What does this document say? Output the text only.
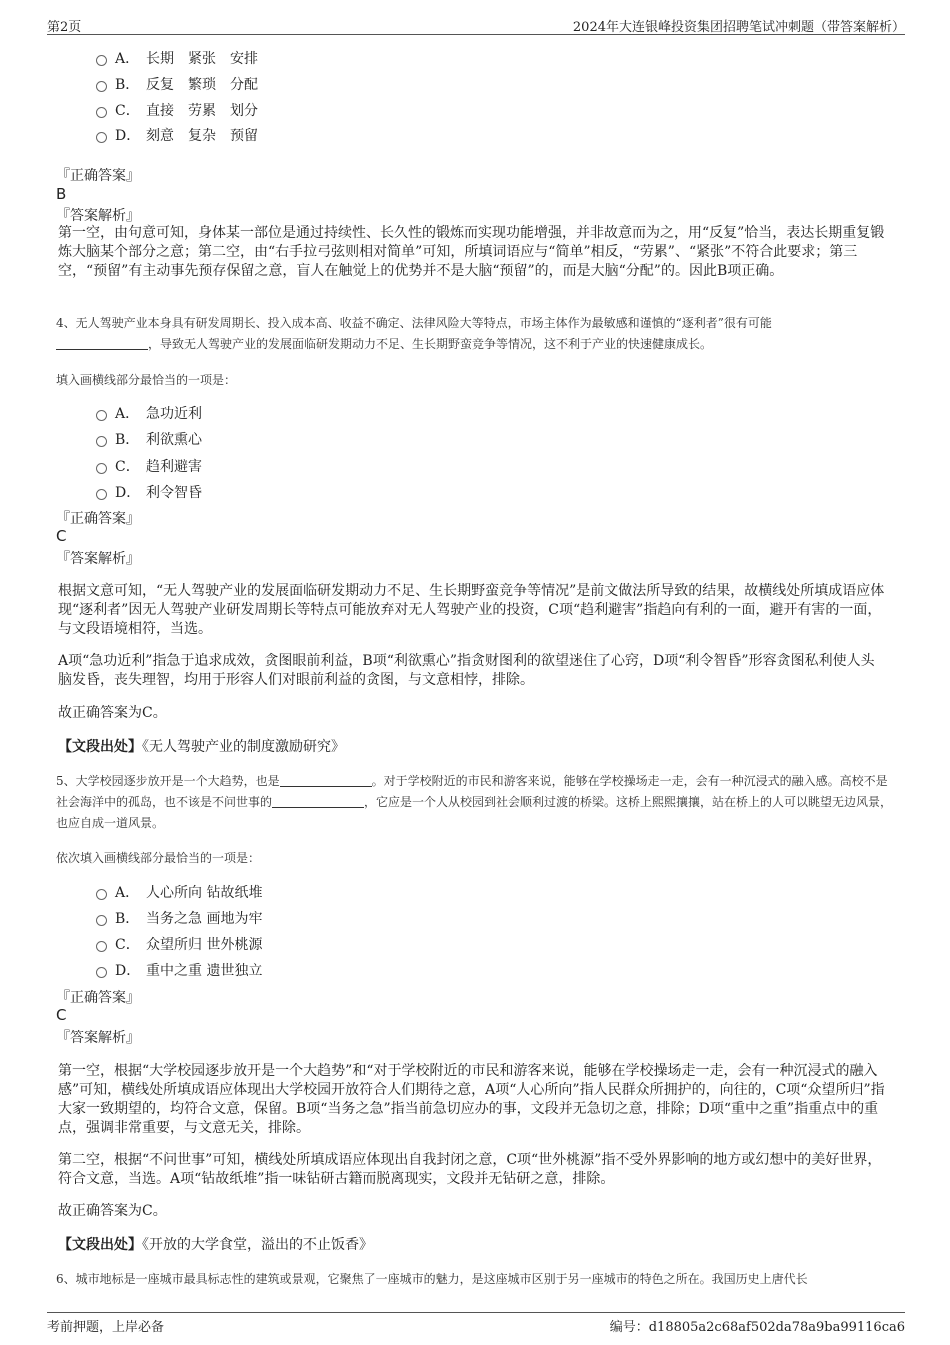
第2页	2024年大连银峰投资集团招聘笔试冲刺题（带答案解析）
A． 长期　紧张　安排
B． 反复　繁琐　分配
C． 直接　劳累　划分
D． 刻意　复杂　预留
『正确答案』
B
『答案解析』

第一空，由句意可知，身体某一部位是通过持续性、长久性的锻炼而实现功能增强，并非故意而为之，用“反复”恰当，表达长期重复锻炼大脑某个部分之意；第二空，由“右手拉弓弦则相对简单”可知，所填词语应与“简单”相反，“劳累”、“紧张”不符合此要求；第三空，“预留”有主动事先预存保留之意，盲人在触觉上的优势并不是大脑“预留”的，而是大脑“分配”的。因此B项正确。

4、无人驾驶产业本身具有研发周期长、投入成本高、收益不确定、法律风险大等特点，市场主体作为最敏感和谨慎的“逐利者”很有可能
，导致无人驾驶产业的发展面临研发期动力不足、生长期野蛮竞争等情况，这不利于产业的快速健康成长。

填入画横线部分最恰当的一项是：
A． 急功近利
B． 利欲熏心
C． 趋利避害
D． 利令智昏
『正确答案』
C
『答案解析』

根据文意可知，“无人驾驶产业的发展面临研发期动力不足、生长期野蛮竞争等情况”是前文做法所导致的结果，故横线处所填成语应体现“逐利者”因无人驾驶产业研发周期长等特点可能放弃对无人驾驶产业的投资，C项“趋利避害”指趋向有利的一面，避开有害的一面，与文段语境相符，当选。

A项“急功近利”指急于追求成效，贪图眼前利益，B项“利欲熏心”指贪财图利的欲望迷住了心窍，D项“利令智昏”形容贪图私利使人头脑发昏，丧失理智，均用于形容人们对眼前利益的贪图，与文意相悖，排除。

故正确答案为C。

【文段出处】《无人驾驶产业的制度激励研究》

5、大学校园逐步放开是一个大趋势，也是	。对于学校附近的市民和游客来说，能够在学校操场走一走，会有一种沉浸式的融入感。高校不是社会海洋中的孤岛，也不该是不问世事的	，它应是一个人从校园到社会顺利过渡的桥梁。这桥上熙熙攘攘，站在桥上的人可以眺望无边风景，也应自成一道风景。

依次填入画横线部分最恰当的一项是：
A． 人心所向 钻故纸堆
B． 当务之急 画地为牢
C． 众望所归 世外桃源
D． 重中之重 遗世独立
『正确答案』
C
『答案解析』

第一空，根据“大学校园逐步放开是一个大趋势”和“对于学校附近的市民和游客来说，能够在学校操场走一走，会有一种沉浸式的融入感”可知，横线处所填成语应体现出大学校园开放符合人们期待之意，A项“人心所向”指人民群众所拥护的，向往的，C项“众望所归”指大家一致期望的，均符合文意，保留。B项“当务之急”指当前急切应办的事，文段并无急切之意，排除；D项“重中之重”指重点中的重点，强调非常重要，与文意无关，排除。

第二空，根据“不问世事”可知，横线处所填成语应体现出自我封闭之意，C项“世外桃源”指不受外界影响的地方或幻想中的美好世界，符合文意，当选。A项“钻故纸堆”指一味钻研古籍而脱离现实，文段并无钻研之意，排除。

故正确答案为C。

【文段出处】《开放的大学食堂，溢出的不止饭香》

6、城市地标是一座城市最具标志性的建筑或景观，它聚焦了一座城市的魅力，是这座城市区别于另一座城市的特色之所在。我国历史上唐代长

考前押题，上岸必备	编号：d18805a2c68af502da78a9ba99116ca6
